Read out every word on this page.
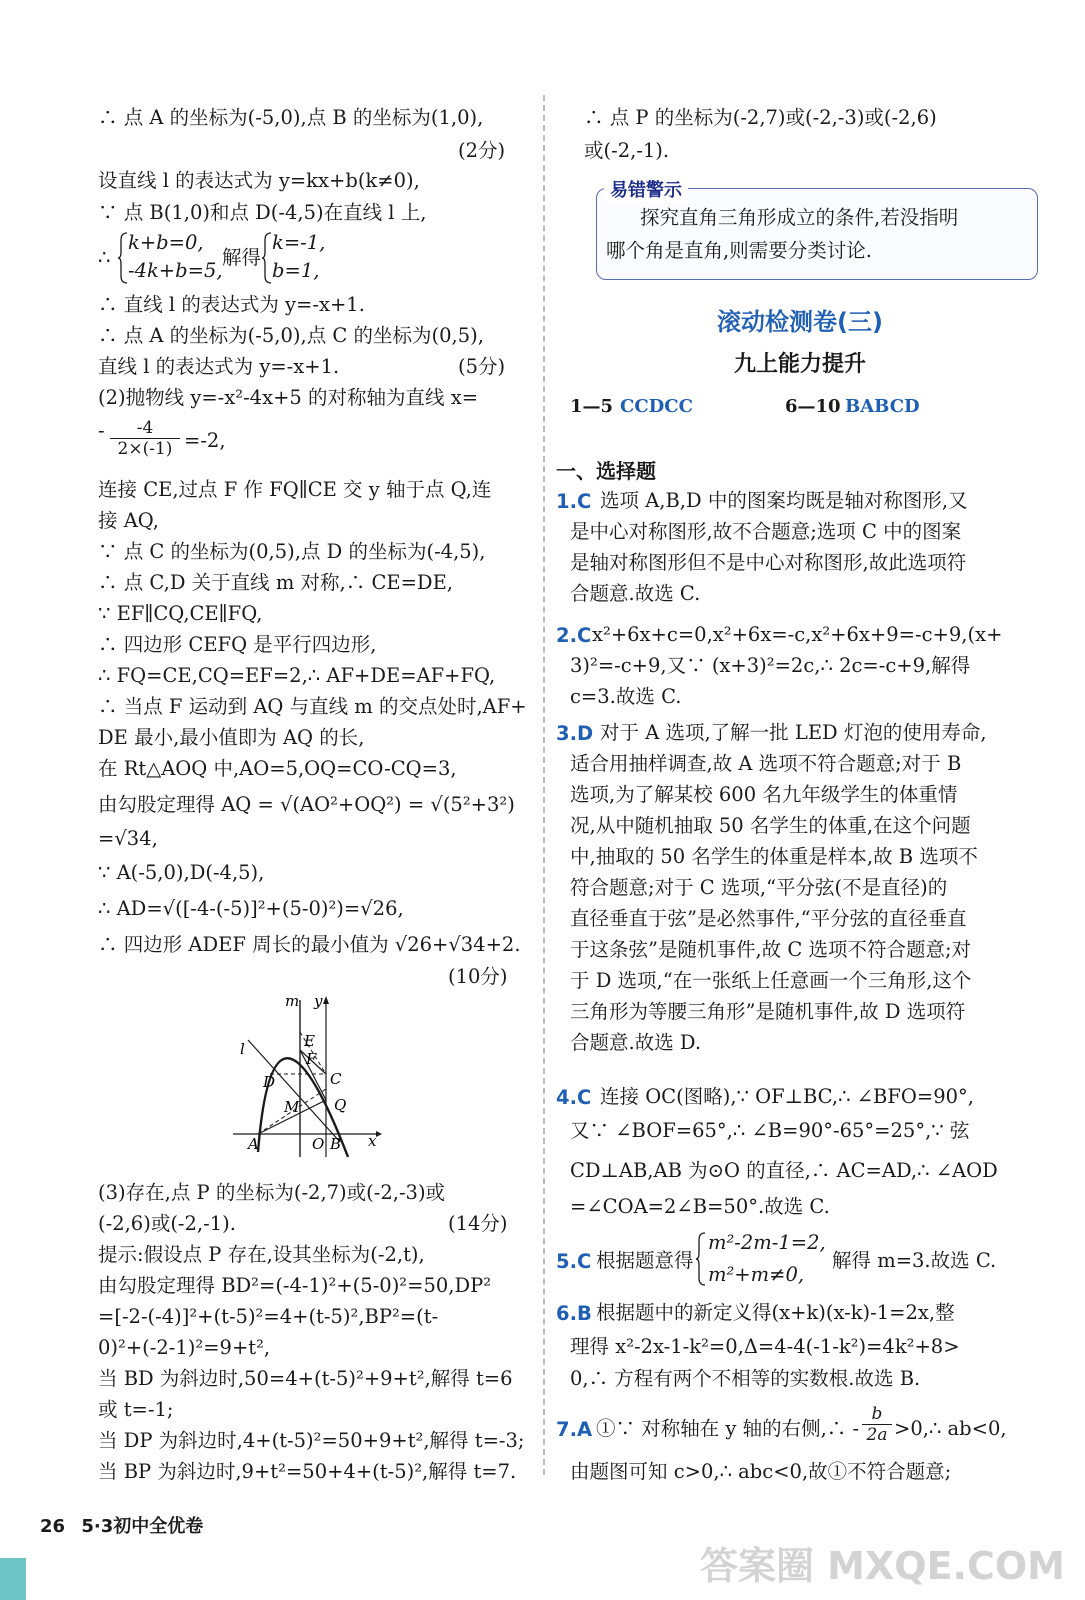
∴ 点 A 的坐标为(-5,0),点 B 的坐标为(1,0),
(2分)
设直线 l 的表达式为 y=kx+b(k≠0),
∵ 点 B(1,0)和点 D(-4,5)在直线 l 上,
∴
k+b=0,
-4k+b=5,
解得
k=-1,
b=1,
∴ 直线 l 的表达式为 y=-x+1.
∴ 点 A 的坐标为(-5,0),点 C 的坐标为(0,5),
直线 l 的表达式为 y=-x+1.	(5分)
(2)抛物线 y=-x²-4x+5 的对称轴为直线 x=
- $\frac{-4}{2\times(-1)} =-2$,
连接 CE,过点 F 作 FQ∥CE 交 y 轴于点 Q,连
接 AQ,
∵ 点 C 的坐标为(0,5),点 D 的坐标为(-4,5),
∴ 点 C,D 关于直线 m 对称,∴ CE=DE,
∵ EF∥CQ,CE∥FQ,
∴ 四边形 CEFQ 是平行四边形,
∴ FQ=CE,CQ=EF=2,∴ AF+DE=AF+FQ,
∴ 当点 F 运动到 AQ 与直线 m 的交点处时,AF+
DE 最小,最小值即为 AQ 的长,
在 Rt△AOQ 中,AO=5,OQ=CO-CQ=3,
由勾股定理得 AQ = √(AO²+OQ²) = √(5²+3²)
=√34,
∵ A(-5,0),D(-4,5),
∴ AD=√([-4-(-5)]²+(5-0)²)=√26,
∴ 四边形 ADEF 周长的最小值为 √26+√34+2.
(10分)
m y
l	E
F
D	C
M Q
A	O B x
(3)存在,点 P 的坐标为(-2,7)或(-2,-3)或
(-2,6)或(-2,-1).	(14分)
提示:假设点 P 存在,设其坐标为(-2,t),
由勾股定理得 BD²=(-4-1)²+(5-0)²=50,DP²
=[-2-(-4)]²+(t-5)²=4+(t-5)²,BP²=(t-
0)²+(-2-1)²=9+t²,
当 BD 为斜边时,50=4+(t-5)²+9+t²,解得 t=6
或 t=-1;
当 DP 为斜边时,4+(t-5)²=50+9+t²,解得 t=-3;
当 BP 为斜边时,9+t²=50+4+(t-5)²,解得 t=7.
∴ 点 P 的坐标为(-2,7)或(-2,-3)或(-2,6)
或(-2,-1).
易错警示
探究直角三角形成立的条件,若没指明
哪个角是直角,则需要分类讨论.
滚动检测卷(三)
九上能力提升
1—5 CCDCC	6—10 BABCD
一、选择题
1.C 选项 A,B,D 中的图案均既是轴对称图形,又
是中心对称图形,故不合题意;选项 C 中的图案
是轴对称图形但不是中心对称图形,故此选项符
合题意.故选 C.
2.C x²+6x+c=0,x²+6x=-c,x²+6x+9=-c+9,(x+
3)²=-c+9,又∵ (x+3)²=2c,∴ 2c=-c+9,解得
c=3.故选 C.
3.D 对于 A 选项,了解一批 LED 灯泡的使用寿命,
适合用抽样调查,故 A 选项不符合题意;对于 B
选项,为了解某校 600 名九年级学生的体重情
况,从中随机抽取 50 名学生的体重,在这个问题
中,抽取的 50 名学生的体重是样本,故 B 选项不
符合题意;对于 C 选项,“平分弦(不是直径)的
直径垂直于弦”是必然事件,“平分弦的直径垂直
于这条弦”是随机事件,故 C 选项不符合题意;对
于 D 选项,“在一张纸上任意画一个三角形,这个
三角形为等腰三角形”是随机事件,故 D 选项符
合题意.故选 D.
4.C 连接 OC(图略),∵ OF⊥BC,∴ ∠BFO=90°,
又∵ ∠BOF=65°,∴ ∠B=90°-65°=25°,∵ 弦
CD⊥AB,AB 为⊙O 的直径,∴ AC=AD,∴ ∠AOD
=∠COA=2∠B=50°.故选 C.
5.C 根据题意得
m²-2m-1=2,
m²+m≠0,
解得 m=3.故选 C.
6.B 根据题中的新定义得(x+k)(x-k)-1=2x,整
理得 x²-2x-1-k²=0,Δ=4-4(-1-k²)=4k²+8>
0,∴ 方程有两个不相等的实数根.故选 B.
7.A ①∵ 对称轴在 y 轴的右侧,∴ - $\frac{b}{2a}$ >0,∴ ab<0,
由题图可知 c>0,∴ abc<0,故①不符合题意;
26 5·3初中全优卷
答案圈 MXQE.COM
